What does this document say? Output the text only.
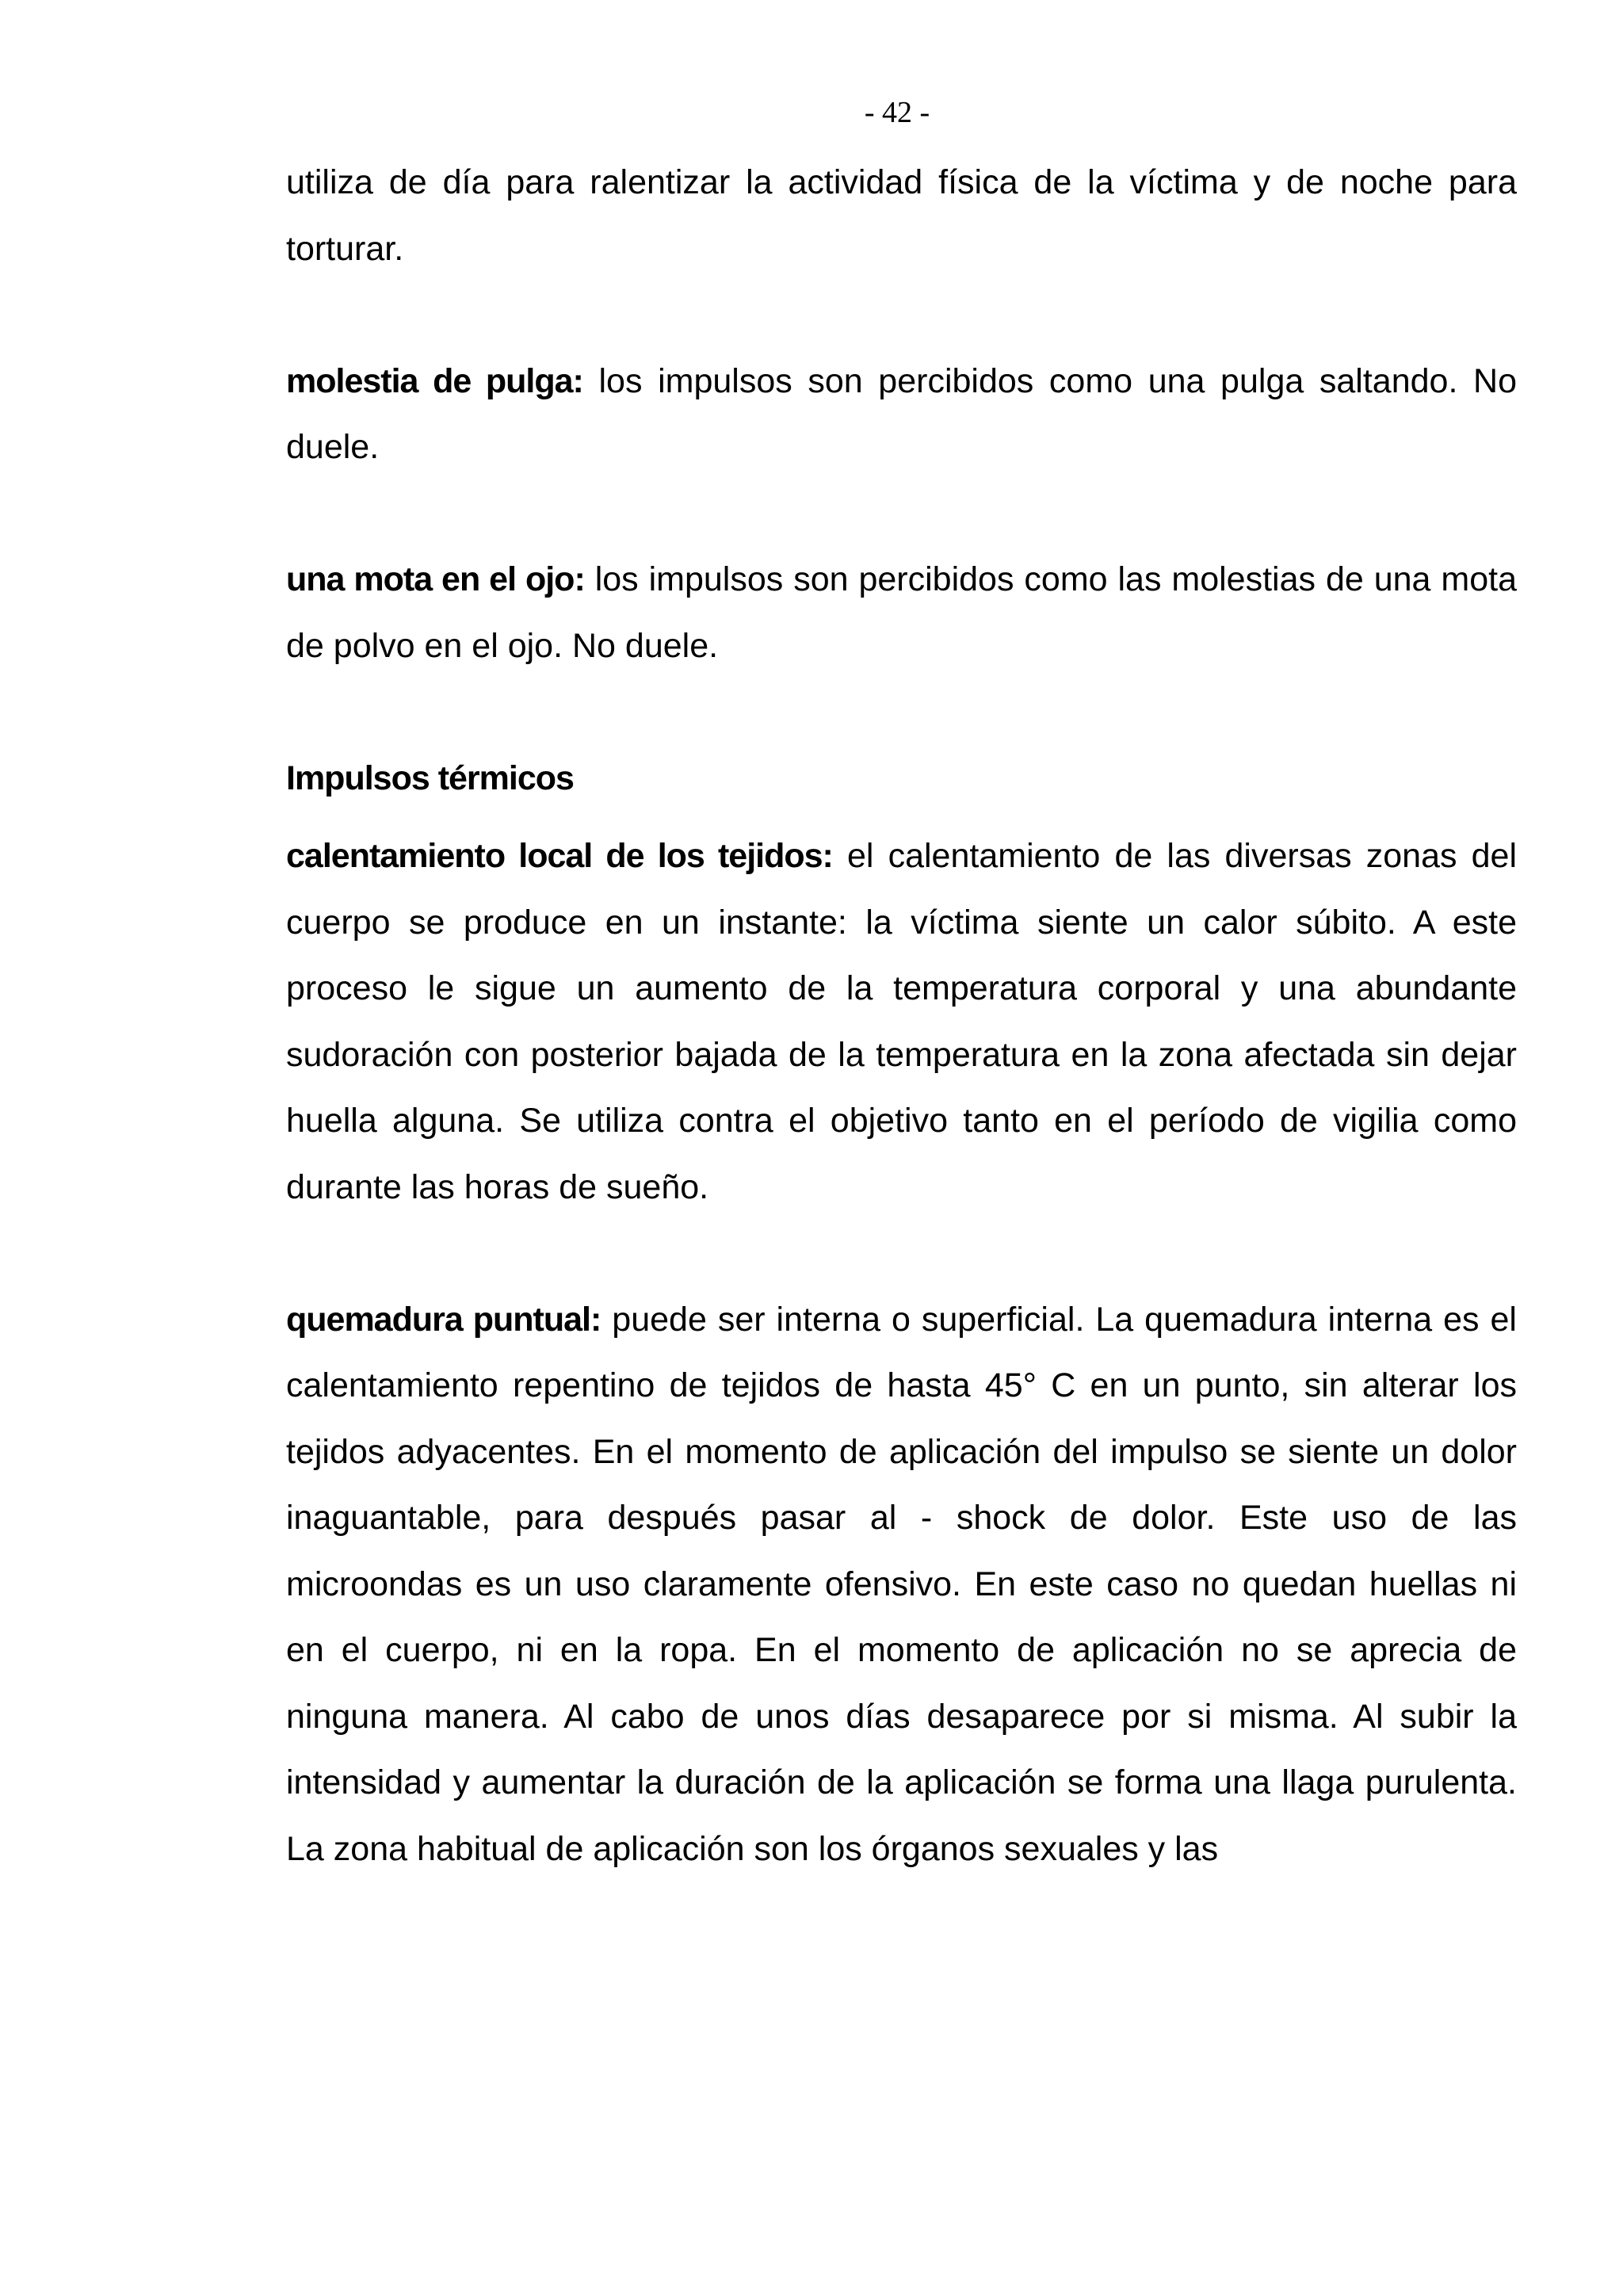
- 42 -

utiliza de día para ralentizar la actividad física de la víctima y de noche para torturar.

molestia de pulga: los impulsos son percibidos como una pulga saltando. No duele.

una mota en el ojo: los impulsos son percibidos como las molestias de una mota de polvo en el ojo. No duele.

Impulsos térmicos

calentamiento local de los tejidos: el calentamiento de las diversas zonas del cuerpo se produce en un instante: la víctima siente un calor súbito. A este proceso le sigue un aumento de la temperatura corporal y una abundante sudoración con posterior bajada de la temperatura en la zona afectada sin dejar huella alguna. Se utiliza contra el objetivo tanto en el período de vigilia como durante las horas de sueño.

quemadura puntual: puede ser interna o superficial. La quemadura interna es el calentamiento repentino de tejidos de hasta 45° C en un punto, sin alterar los tejidos adyacentes. En el momento de aplicación del impulso se siente un dolor inaguantable, para después pasar al - shock de dolor. Este uso de las microondas es un uso claramente ofensivo. En este caso no quedan huellas ni en el cuerpo, ni en la ropa. En el momento de aplicación no se aprecia de ninguna manera. Al cabo de unos días desaparece por si misma. Al subir la intensidad y aumentar la duración de la aplicación se forma una llaga purulenta. La zona habitual de aplicación son los órganos sexuales y las
